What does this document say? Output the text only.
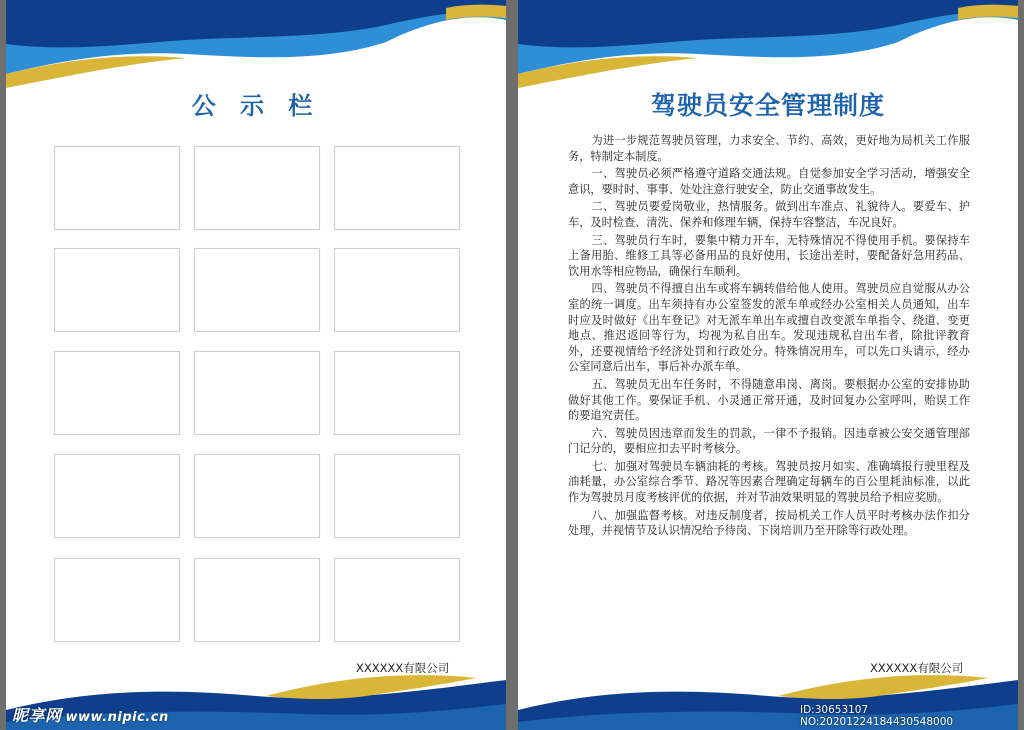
公 示 栏
XXXXXX有限公司
驾驶员安全管理制度

为进一步规范驾驶员管理，力求安全、节约、高效，更好地为局机关工作服务，特制定本制度。

一、驾驶员必须严格遵守道路交通法规。自觉参加安全学习活动，增强安全意识，要时时、事事、处处注意行驶安全，防止交通事故发生。

二、驾驶员要爱岗敬业，热情服务。做到出车准点、礼貌待人。要爱车、护车，及时检查、清洗、保养和修理车辆，保持车容整洁，车况良好。

三、驾驶员行车时，要集中精力开车，无特殊情况不得使用手机。要保持车上备用胎、维修工具等必备用品的良好使用，长途出差时，要配备好急用药品、饮用水等相应物品，确保行车顺利。

四、驾驶员不得擅自出车或将车辆转借给他人使用。驾驶员应自觉服从办公室的统一调度。出车须持有办公室签发的派车单或经办公室相关人员通知，出车时应及时做好《出车登记》对无派车单出车或擅自改变派车单指令、绕道、变更地点、推迟返回等行为，均视为私自出车。发现违规私自出车者，除批评教育外，还要视情给予经济处罚和行政处分。特殊情况用车，可以先口头请示，经办公室同意后出车，事后补办派车单。

五、驾驶员无出车任务时，不得随意串岗、离岗。要根据办公室的安排协助做好其他工作。要保证手机、小灵通正常开通，及时回复办公室呼叫，贻误工作的要追究责任。

六、驾驶员因违章而发生的罚款，一律不予报销。因违章被公安交通管理部门记分的，要相应扣去平时考核分。

七、加强对驾驶员车辆油耗的考核。驾驶员按月如实、准确填报行驶里程及油耗量，办公室综合季节、路况等因素合理确定每辆车的百公里耗油标准，以此作为驾驶员月度考核评优的依据，并对节油效果明显的驾驶员给予相应奖励。

八、加强监督考核。对违反制度者，按局机关工作人员平时考核办法作扣分处理，并视情节及认识情况给予待岗、下岗培训乃至开除等行政处理。

XXXXXX有限公司
昵享网 www.nipic.cn	ID:30653107 NO:20201224184430548000
